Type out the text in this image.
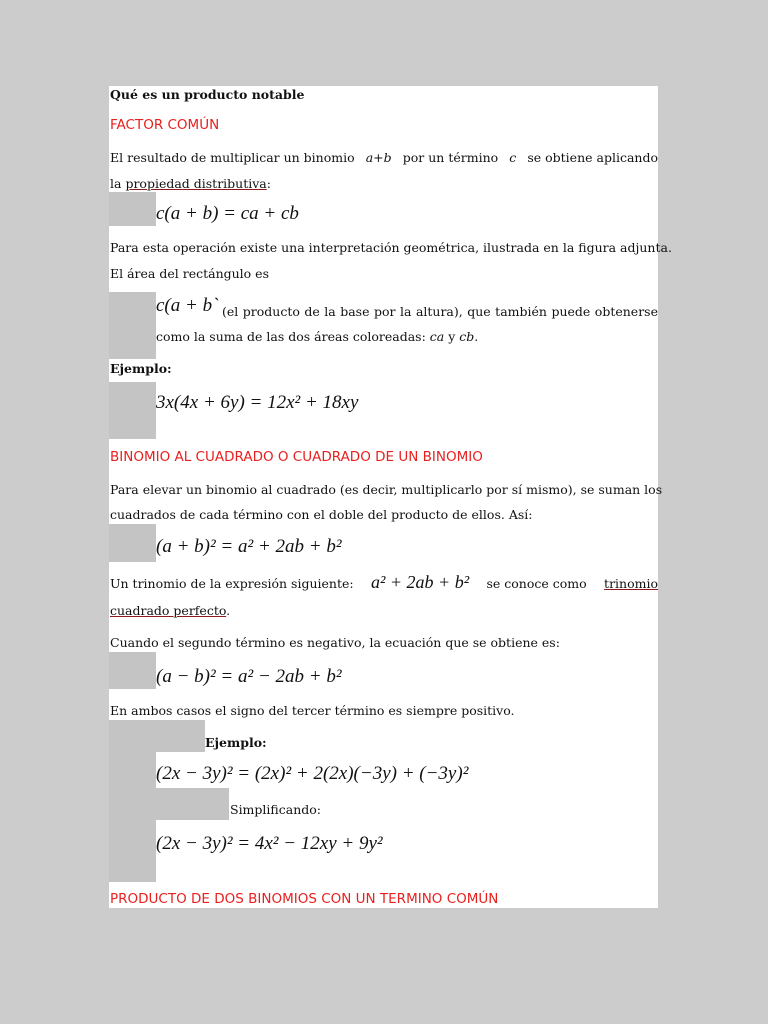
Qué es un producto notable
FACTOR COMÚN
El resultado de multiplicar un binomio a+b por un término c se obtiene aplicando
la propiedad distributiva:
c(a + b) = ca + cb
Para esta operación existe una interpretación geométrica, ilustrada en la figura adjunta.
El área del rectángulo es
c(a + b` (el producto de la base por la altura), que también puede obtenerse
como la suma de las dos áreas coloreadas: ca y cb.
Ejemplo:
3x(4x + 6y) = 12x² + 18xy
BINOMIO AL CUADRADO O CUADRADO DE UN BINOMIO
Para elevar un binomio al cuadrado (es decir, multiplicarlo por sí mismo), se suman los
cuadrados de cada término con el doble del producto de ellos. Así:
(a + b)² = a² + 2ab + b²
Un trinomio de la expresión siguiente: a² + 2ab + b² se conoce como trinomio
cuadrado perfecto.
Cuando el segundo término es negativo, la ecuación que se obtiene es:
(a − b)² = a² − 2ab + b²
En ambos casos el signo del tercer término es siempre positivo.
Ejemplo:
(2x − 3y)² = (2x)² + 2(2x)(−3y) + (−3y)²
Simplificando:
(2x − 3y)² = 4x² − 12xy + 9y²
PRODUCTO DE DOS BINOMIOS CON UN TERMINO COMÚN
